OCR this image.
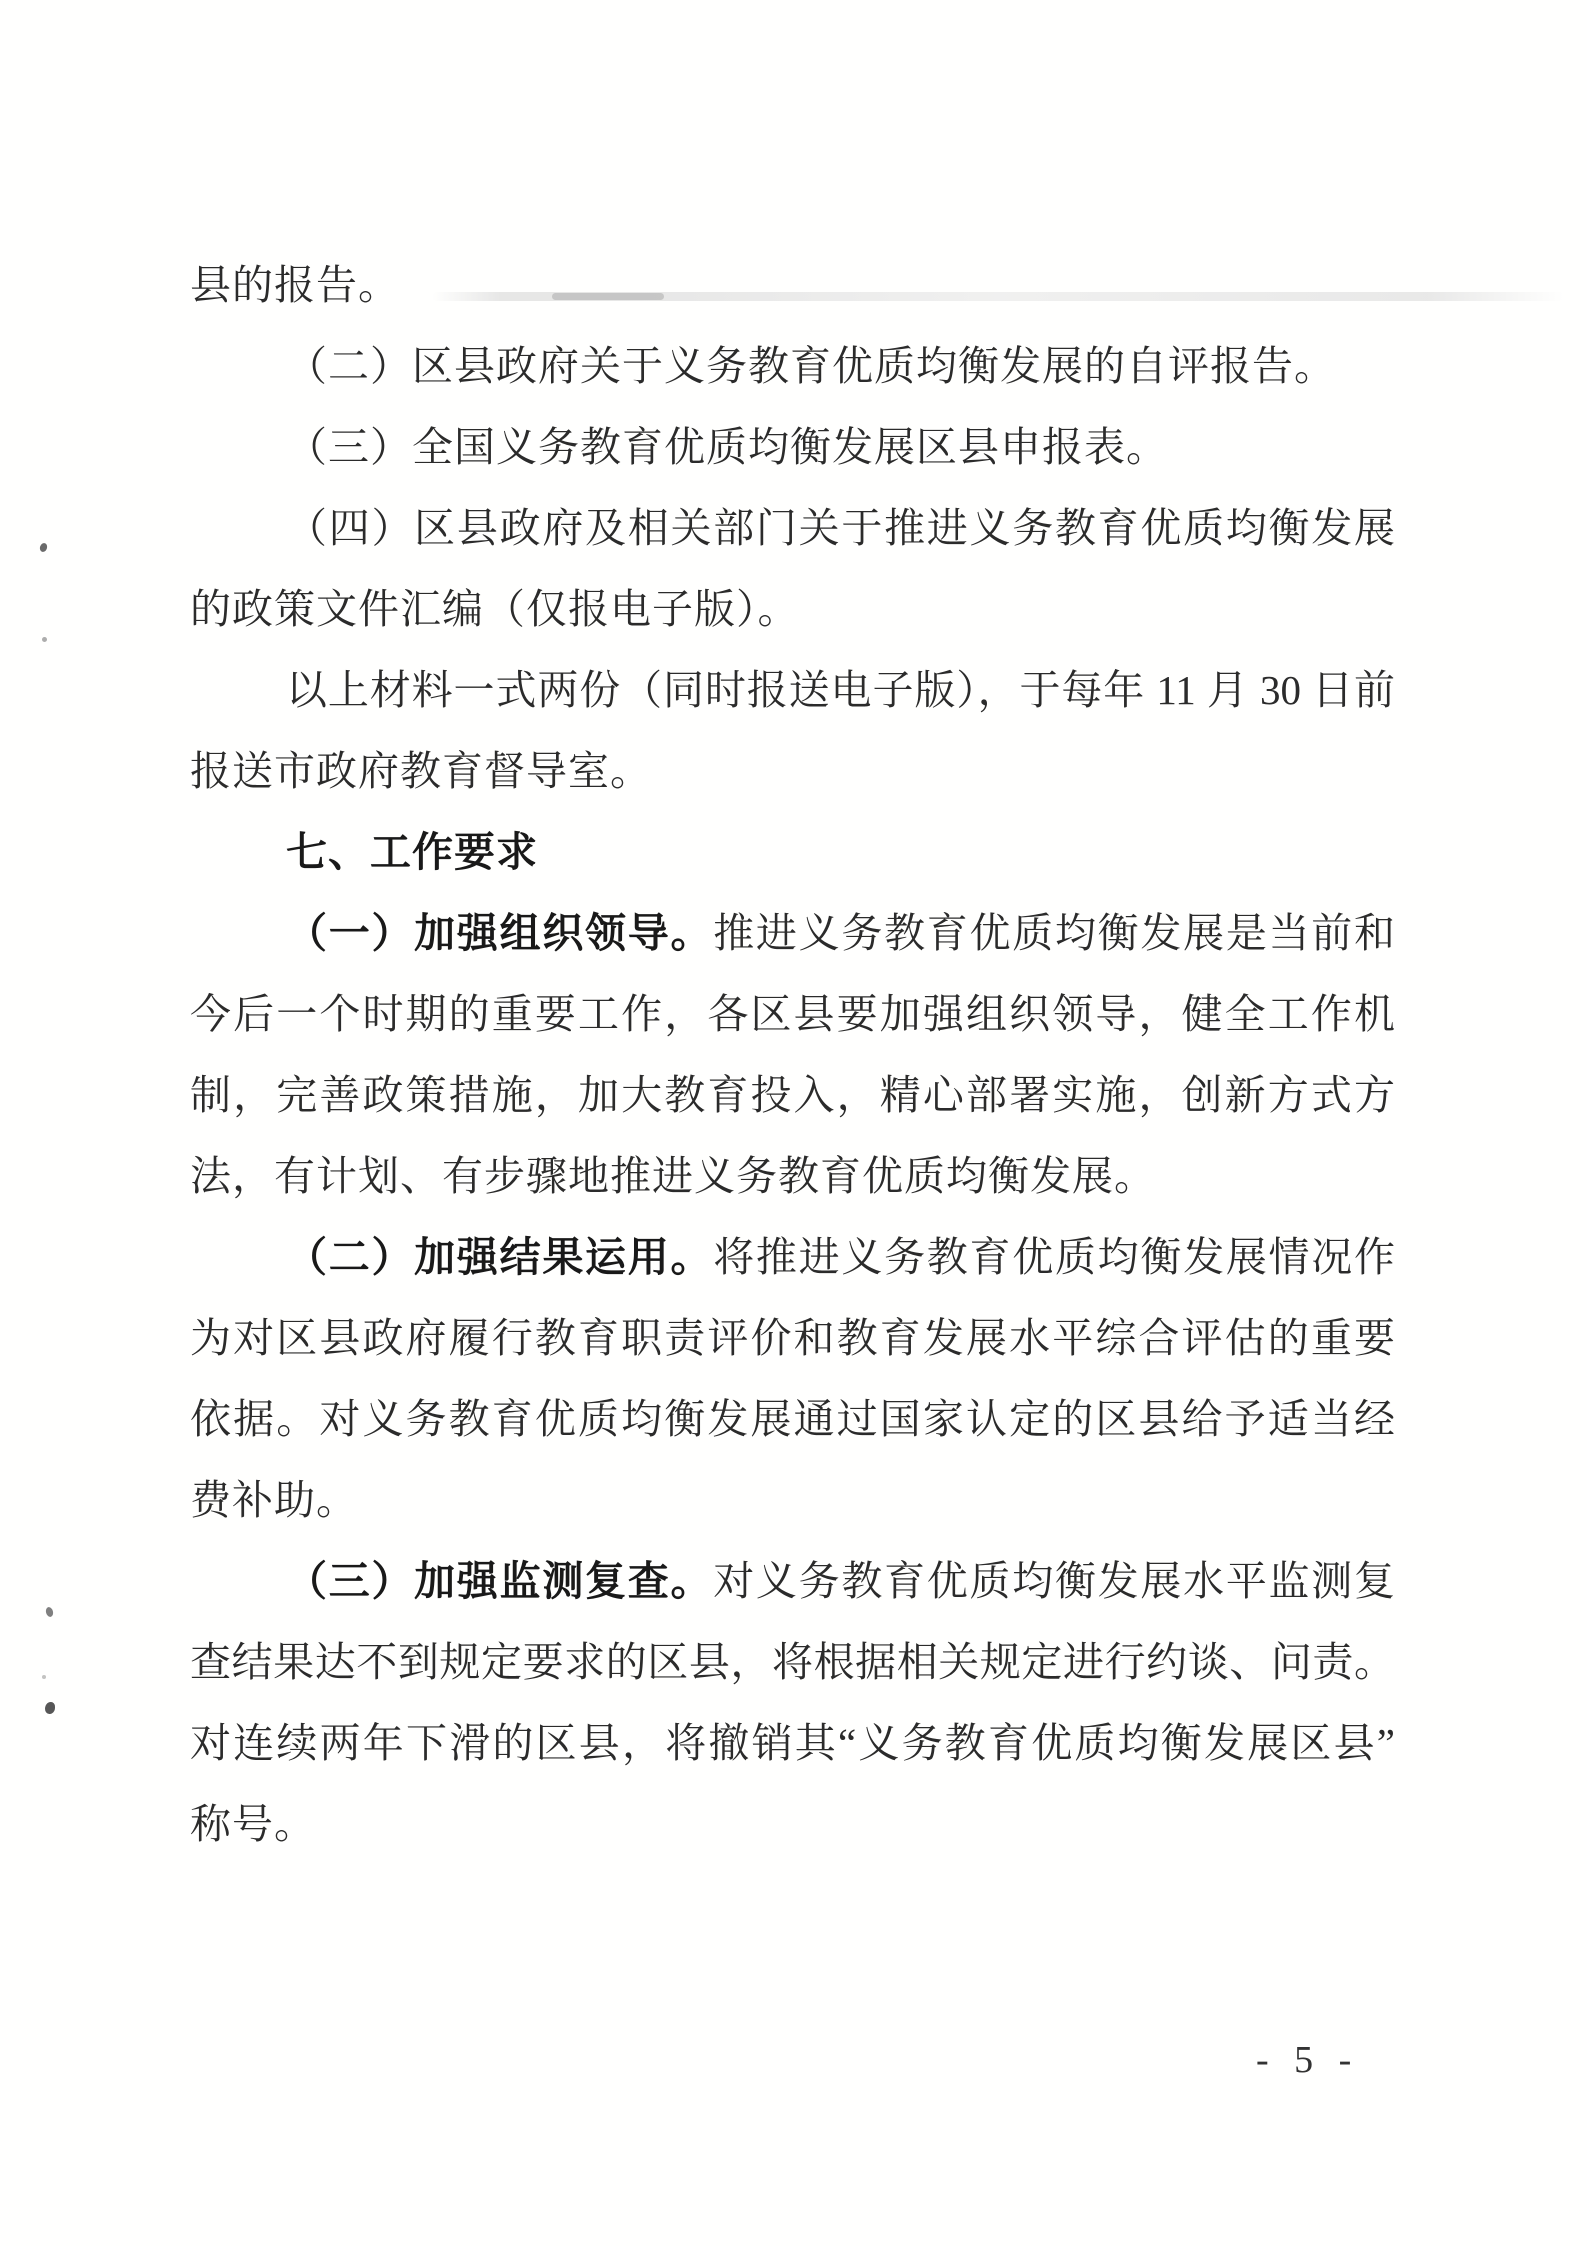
县的报告。
（二）区县政府关于义务教育优质均衡发展的自评报告。
（三）全国义务教育优质均衡发展区县申报表。
（四）区县政府及相关部门关于推进义务教育优质均衡发展
的政策文件汇编（仅报电子版）。
以上材料一式两份（同时报送电子版），于每年 11 月 30 日前
报送市政府教育督导室。
七、工作要求
（一）加强组织领导。推进义务教育优质均衡发展是当前和
今后一个时期的重要工作，各区县要加强组织领导，健全工作机
制，完善政策措施，加大教育投入，精心部署实施，创新方式方
法，有计划、有步骤地推进义务教育优质均衡发展。
（二）加强结果运用。将推进义务教育优质均衡发展情况作
为对区县政府履行教育职责评价和教育发展水平综合评估的重要
依据。对义务教育优质均衡发展通过国家认定的区县给予适当经
费补助。
（三）加强监测复查。对义务教育优质均衡发展水平监测复
查结果达不到规定要求的区县，将根据相关规定进行约谈、问责。
对连续两年下滑的区县，将撤销其“义务教育优质均衡发展区县”
称号。
- 5 -
